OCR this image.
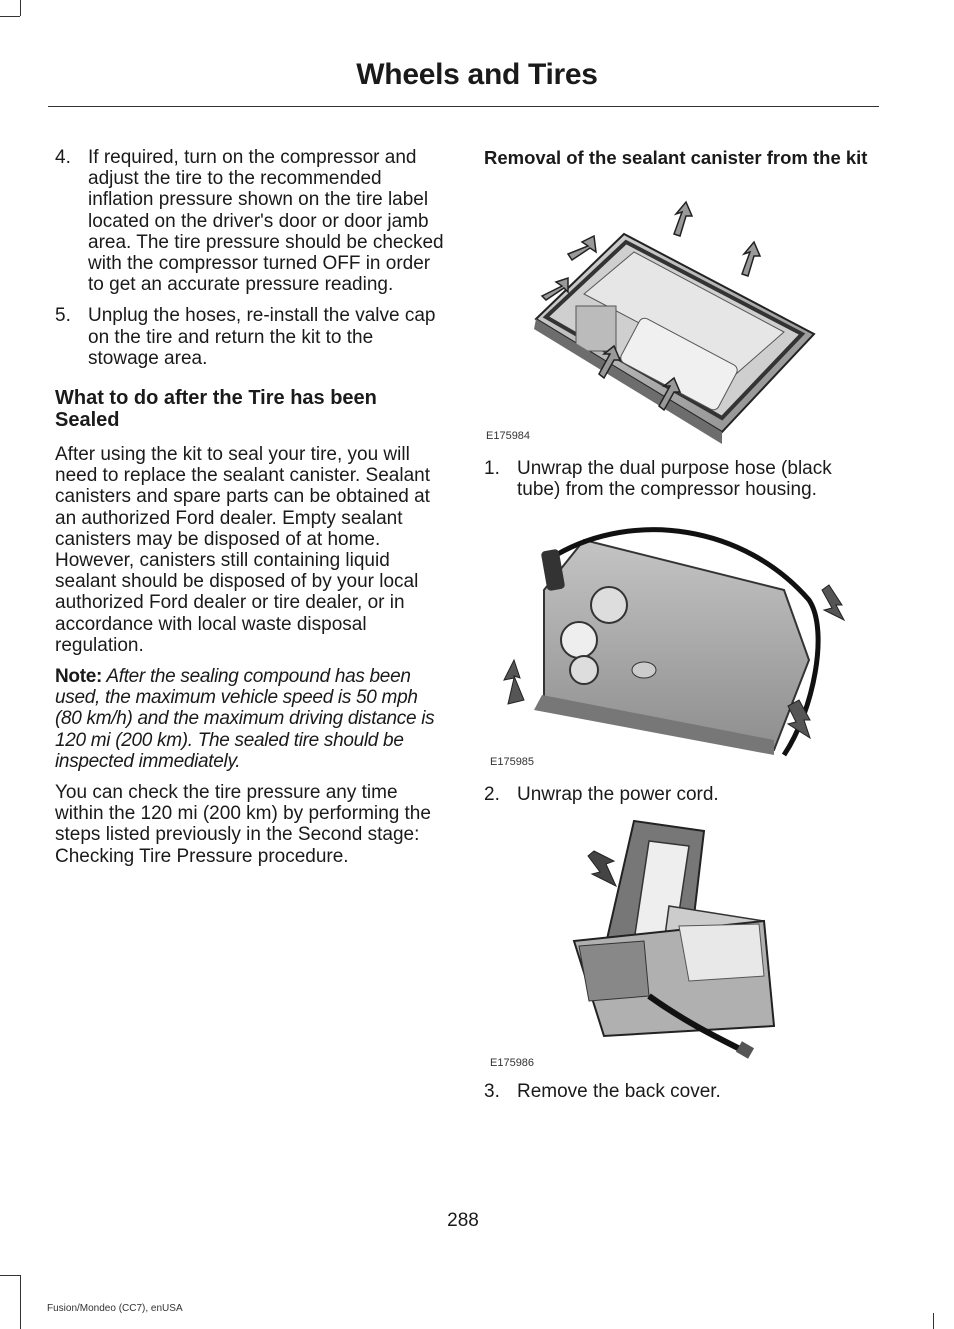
Wheels and Tires
4. If required, turn on the compressor and adjust the tire to the recommended inflation pressure shown on the tire label located on the driver's door or door jamb area. The tire pressure should be checked with the compressor turned OFF in order to get an accurate pressure reading.
5. Unplug the hoses, re-install the valve cap on the tire and return the kit to the stowage area.
What to do after the Tire has been Sealed

After using the kit to seal your tire, you will need to replace the sealant canister. Sealant canisters and spare parts can be obtained at an authorized Ford dealer. Empty sealant canisters may be disposed of at home. However, canisters still containing liquid sealant should be disposed of by your local authorized Ford dealer or tire dealer, or in accordance with local waste disposal regulation.

Note: After the sealing compound has been used, the maximum vehicle speed is 50 mph (80 km/h) and the maximum driving distance is 120 mi (200 km). The sealed tire should be inspected immediately.

You can check the tire pressure any time within the 120 mi (200 km) by performing the steps listed previously in the Second stage: Checking Tire Pressure procedure.

Removal of the sealant canister from the kit
E175984
1. Unwrap the dual purpose hose (black tube) from the compressor housing.
E175985
2. Unwrap the power cord.
E175986
3. Remove the back cover.
288
Fusion/Mondeo (CC7), enUSA
